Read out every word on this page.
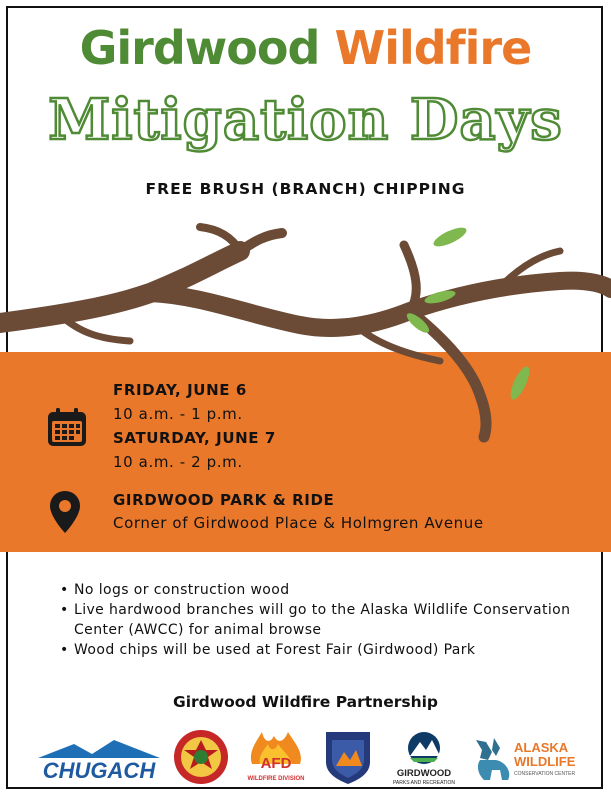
Girdwood Wildfire
Mitigation Days
FREE BRUSH (BRANCH) CHIPPING
FRIDAY, JUNE 6
10 a.m. - 1 p.m.
SATURDAY, JUNE 7
10 a.m. - 2 p.m.
GIRDWOOD PARK & RIDE
Corner of Girdwood Place & Holmgren Avenue
• No logs or construction wood
• Live hardwood branches will go to the Alaska Wildlife Conservation Center (AWCC) for animal browse
• Wood chips will be used at Forest Fair (Girdwood) Park
Girdwood Wildfire Partnership
CHUGACH	AFD
WILDFIRE DIVISION	GIRDWOOD
PARKS AND RECREATION
ALASKA
WILDLIFE
CONSERVATION CENTER
